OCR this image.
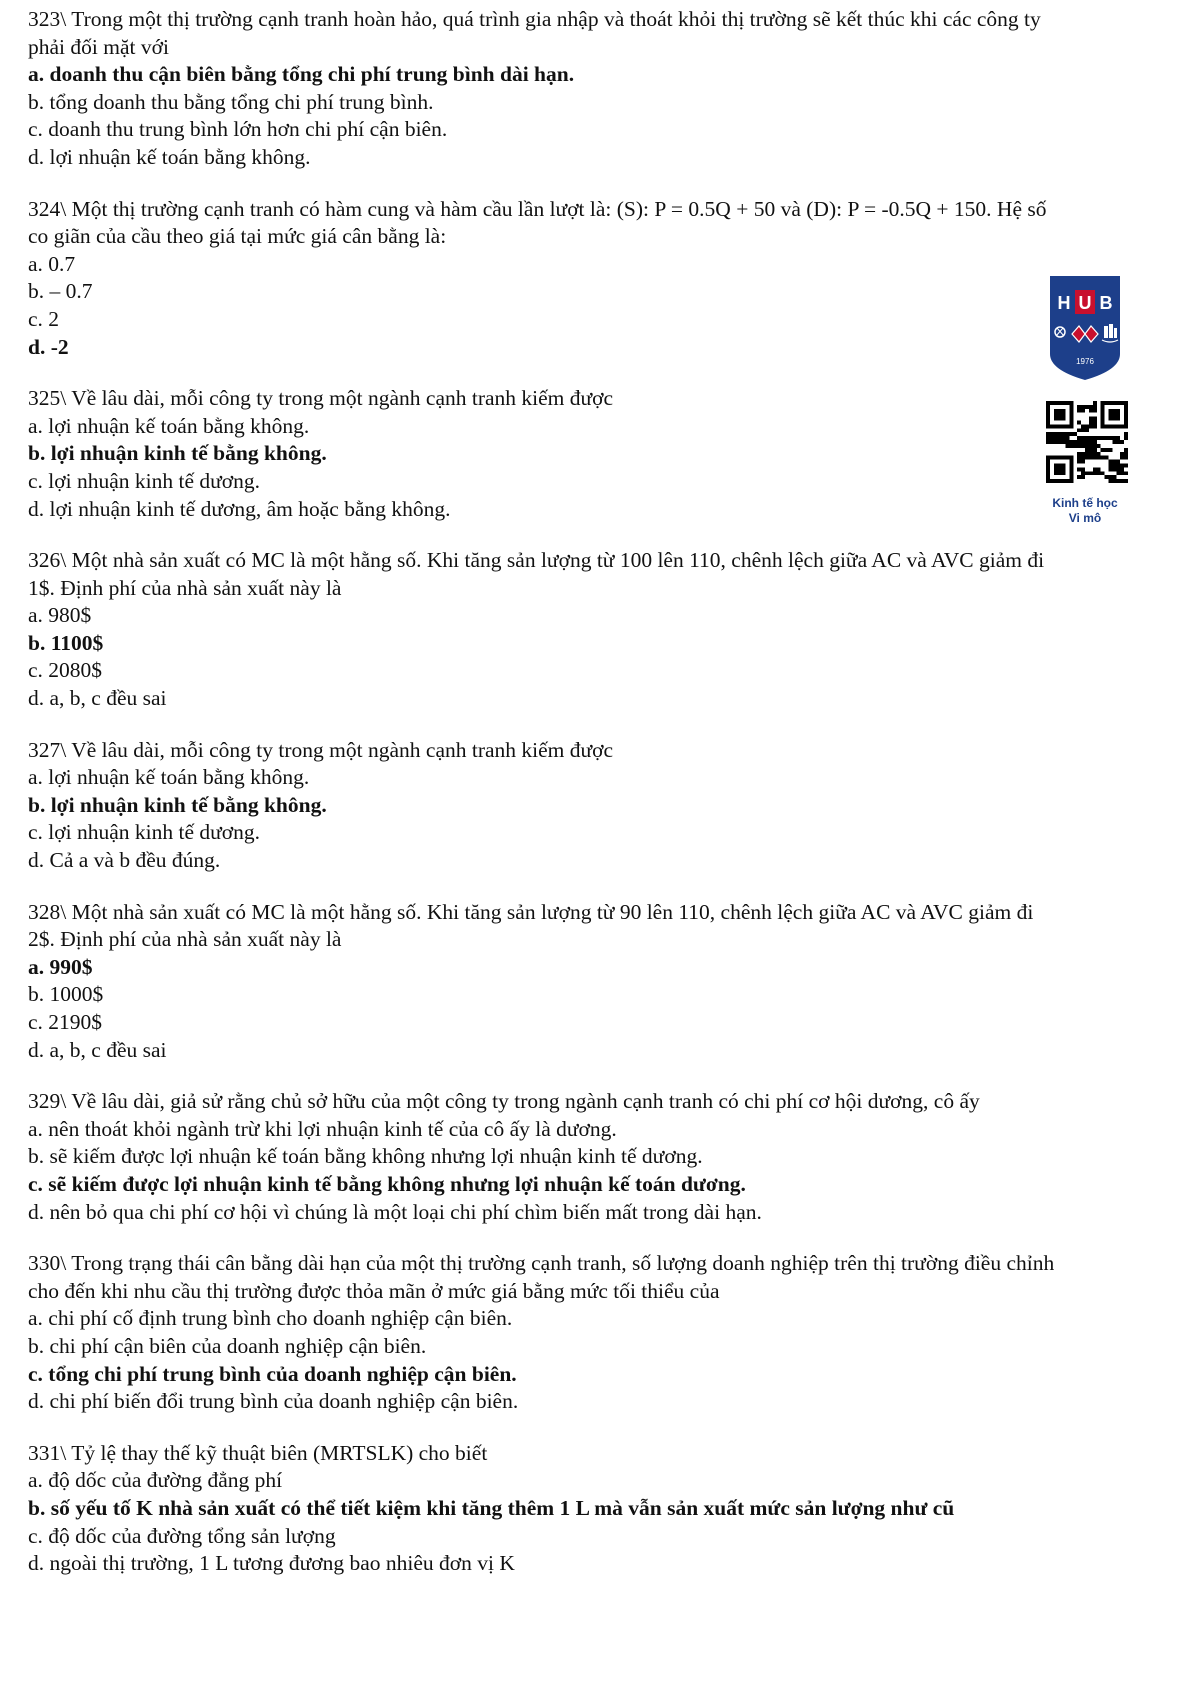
323\ Trong một thị trường cạnh tranh hoàn hảo, quá trình gia nhập và thoát khỏi thị trường sẽ kết thúc khi các công ty
phải đối mặt với
a. doanh thu cận biên bằng tổng chi phí trung bình dài hạn.
b. tổng doanh thu bằng tổng chi phí trung bình.
c. doanh thu trung bình lớn hơn chi phí cận biên.
d. lợi nhuận kế toán bằng không.
324\ Một thị trường cạnh tranh có hàm cung và hàm cầu lần lượt là: (S): P = 0.5Q + 50 và (D): P = -0.5Q + 150. Hệ số
co giãn của cầu theo giá tại mức giá cân bằng là:
a. 0.7
b. – 0.7
c. 2
d. -2
325\ Về lâu dài, mỗi công ty trong một ngành cạnh tranh kiếm được
a. lợi nhuận kế toán bằng không.
b. lợi nhuận kinh tế bằng không.
c. lợi nhuận kinh tế dương.
d. lợi nhuận kinh tế dương, âm hoặc bằng không.
326\ Một nhà sản xuất có MC là một hằng số. Khi tăng sản lượng từ 100 lên 110, chênh lệch giữa AC và AVC giảm đi
1$. Định phí của nhà sản xuất này là
a. 980$
b. 1100$
c. 2080$
d. a, b, c đều sai
327\ Về lâu dài, mỗi công ty trong một ngành cạnh tranh kiếm được
a. lợi nhuận kế toán bằng không.
b. lợi nhuận kinh tế bằng không.
c. lợi nhuận kinh tế dương.
d. Cả a và b đều đúng.
328\ Một nhà sản xuất có MC là một hằng số. Khi tăng sản lượng từ 90 lên 110, chênh lệch giữa AC và AVC giảm đi
2$. Định phí của nhà sản xuất này là
a. 990$
b. 1000$
c. 2190$
d. a, b, c đều sai
329\ Về lâu dài, giả sử rằng chủ sở hữu của một công ty trong ngành cạnh tranh có chi phí cơ hội dương, cô ấy
a. nên thoát khỏi ngành trừ khi lợi nhuận kinh tế của cô ấy là dương.
b. sẽ kiếm được lợi nhuận kế toán bằng không nhưng lợi nhuận kinh tế dương.
c. sẽ kiếm được lợi nhuận kinh tế bằng không nhưng lợi nhuận kế toán dương.
d. nên bỏ qua chi phí cơ hội vì chúng là một loại chi phí chìm biến mất trong dài hạn.
330\ Trong trạng thái cân bằng dài hạn của một thị trường cạnh tranh, số lượng doanh nghiệp trên thị trường điều chỉnh
cho đến khi nhu cầu thị trường được thỏa mãn ở mức giá bằng mức tối thiểu của
a. chi phí cố định trung bình cho doanh nghiệp cận biên.
b. chi phí cận biên của doanh nghiệp cận biên.
c. tổng chi phí trung bình của doanh nghiệp cận biên.
d. chi phí biến đổi trung bình của doanh nghiệp cận biên.
331\ Tỷ lệ thay thế kỹ thuật biên (MRTSLK) cho biết
a. độ dốc của đường đẳng phí
b. số yếu tố K nhà sản xuất có thể tiết kiệm khi tăng thêm 1 L mà vẫn sản xuất mức sản lượng như cũ
c. độ dốc của đường tổng sản lượng
d. ngoài thị trường, 1 L tương đương bao nhiêu đơn vị K
H U B
1976
Kinh tế học
Vi mô
